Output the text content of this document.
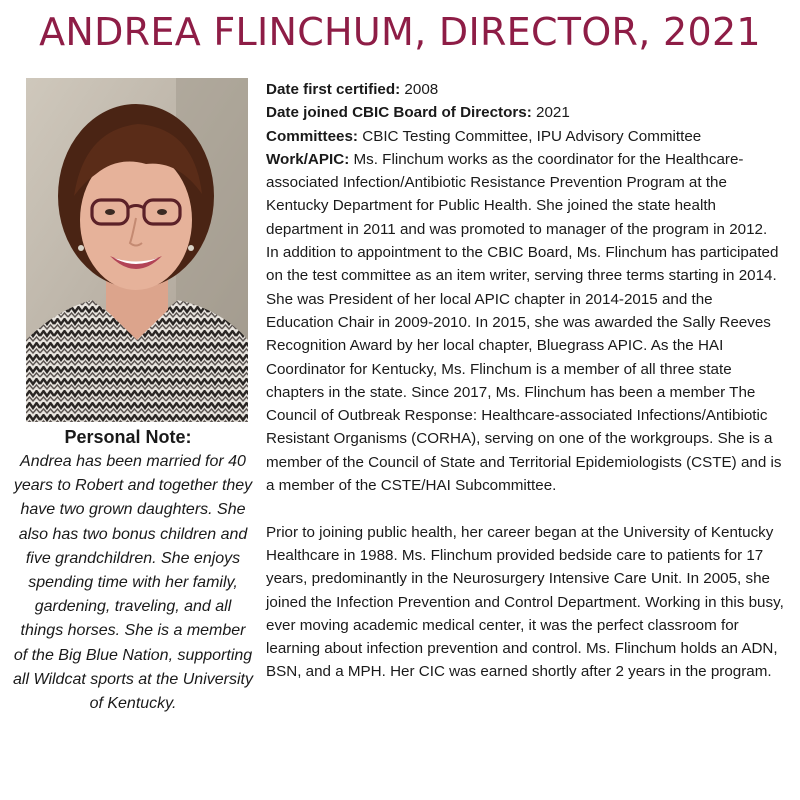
ANDREA FLINCHUM, DIRECTOR, 2021
Personal Note:
Andrea has been married for 40 years to Robert and together they have two grown daughters. She also has two bonus children and five grandchildren. She enjoys spending time with her family, gardening, traveling, and all things horses. She is a member of the Big Blue Nation, supporting all Wildcat sports at the University of Kentucky.

Date first certified: 2008

Date joined CBIC Board of Directors: 2021

Committees: CBIC Testing Committee, IPU Advisory Committee

Work/APIC: Ms. Flinchum works as the coordinator for the Healthcare-associated Infection/Antibiotic Resistance Prevention Program at the Kentucky Department for Public Health. She joined the state health department in 2011 and was promoted to manager of the program in 2012. In addition to appointment to the CBIC Board, Ms. Flinchum has participated on the test committee as an item writer, serving three terms starting in 2014. She was President of her local APIC chapter in 2014-2015 and the Education Chair in 2009-2010. In 2015, she was awarded the Sally Reeves Recognition Award by her local chapter, Bluegrass APIC. As the HAI Coordinator for Kentucky, Ms. Flinchum is a member of all three state chapters in the state. Since 2017, Ms. Flinchum has been a member The Council of Outbreak Response: Healthcare-associated Infections/Antibiotic Resistant Organisms (CORHA), serving on one of the workgroups. She is a member of the Council of State and Territorial Epidemiologists (CSTE) and is a member of the CSTE/HAI Subcommittee.

Prior to joining public health, her career began at the University of Kentucky Healthcare in 1988. Ms. Flinchum provided bedside care to patients for 17 years, predominantly in the Neurosurgery Intensive Care Unit. In 2005, she joined the Infection Prevention and Control Department. Working in this busy, ever moving academic medical center, it was the perfect classroom for learning about infection prevention and control. Ms. Flinchum holds an ADN, BSN, and a MPH. Her CIC was earned shortly after 2 years in the program.
